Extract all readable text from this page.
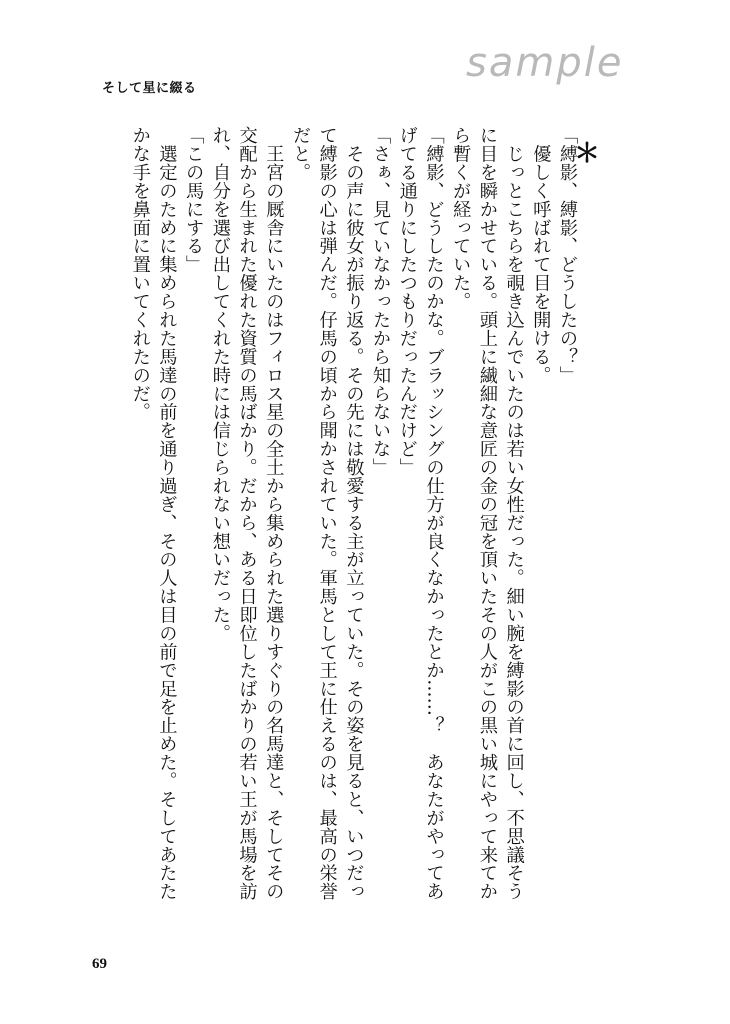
sample
そして星に綴る
＊

「縛影、縛影、どうしたの？」

　優しく呼ばれて目を開ける。

　じっとこちらを覗き込んでいたのは若い女性だった。細い腕を縛影の首に回し、不思議そうに目を瞬かせている。頭上に繊細な意匠の金の冠を頂いたその人がこの黒い城にやって来てから暫くが経っていた。

「縛影、どうしたのかな。ブラッシングの仕方が良くなかったとか……？　あなたがやってあげてる通りにしたつもりだったんだけど」

「さぁ、見ていなかったから知らないな」

　その声に彼女が振り返る。その先には敬愛する主が立っていた。その姿を見ると、いつだって縛影の心は弾んだ。仔馬の頃から聞かされていた。軍馬として王に仕えるのは、最高の栄誉だと。

　王宮の厩舎にいたのはフィロス星の全土から集められた選りすぐりの名馬達と、そしてその交配から生まれた優れた資質の馬ばかり。だから、ある日即位したばかりの若い王が馬場を訪れ、自分を選び出してくれた時には信じられない想いだった。

「この馬にする」

　選定のために集められた馬達の前を通り過ぎ、その人は目の前で足を止めた。そしてあたたかな手を鼻面に置いてくれたのだ。

69
